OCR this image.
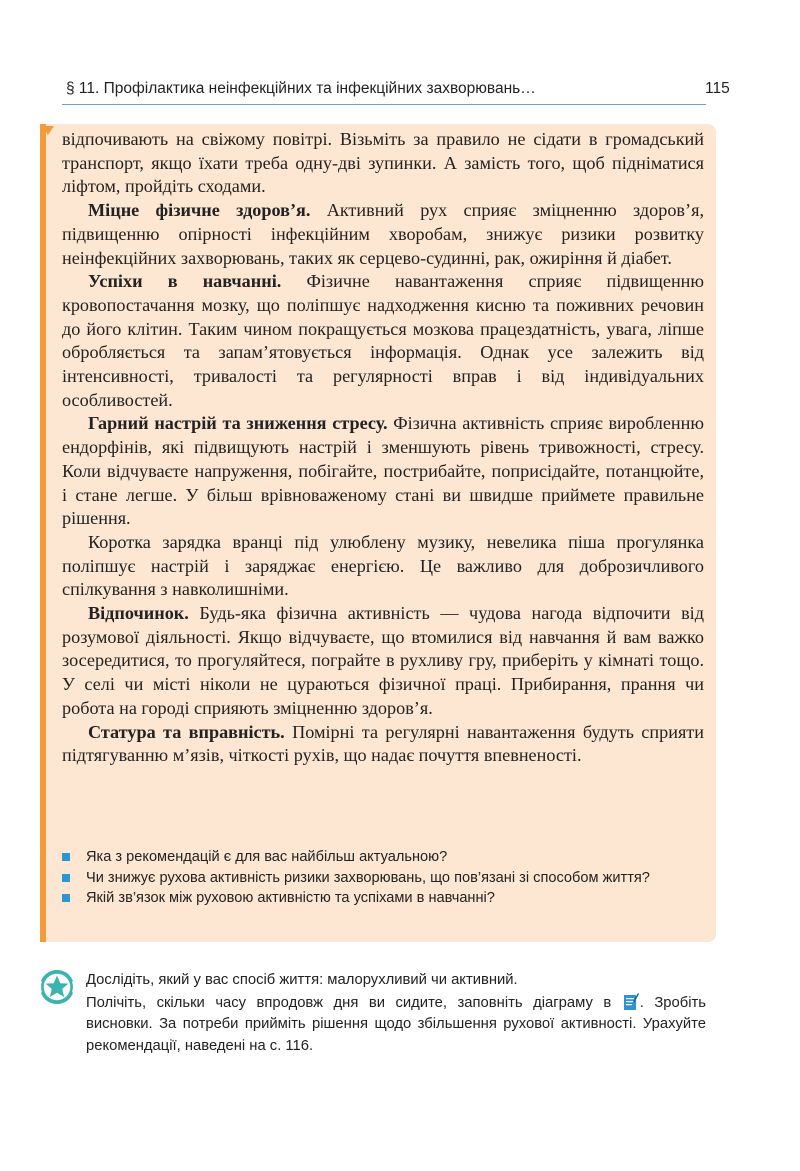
§ 11. Профілактика неінфекційних та інфекційних захворювань…	115

відпочивають на свіжому повітрі. Візьміть за правило не сідати в громадський транспорт, якщо їхати треба одну-дві зупинки. А замість того, щоб підніматися ліфтом, пройдіть сходами.

Міцне фізичне здоров’я. Активний рух сприяє зміцненню здоров’я, підвищенню опірності інфекційним хворобам, знижує ризики розвитку неінфекційних захворювань, таких як серцево-судинні, рак, ожиріння й діабет.

Успіхи в навчанні. Фізичне навантаження сприяє підвищенню кровопостачання мозку, що поліпшує надходження кисню та поживних речовин до його клітин. Таким чином покращується мозкова працездатність, увага, ліпше обробляється та запам’ятовується інформація. Однак усе залежить від інтенсивності, тривалості та регулярності вправ і від індивідуальних особливостей.

Гарний настрій та зниження стресу. Фізична активність сприяє виробленню ендорфінів, які підвищують настрій і зменшують рівень тривожності, стресу. Коли відчуваєте напруження, побігайте, пострибайте, поприсідайте, потанцюйте, і стане легше. У більш врівноваженому стані ви швидше приймете правильне рішення.

Коротка зарядка вранці під улюблену музику, невелика піша прогулянка поліпшує настрій і заряджає енергією. Це важливо для доброзичливого спілкування з навколишніми.

Відпочинок. Будь-яка фізична активність — чудова нагода відпочити від розумової діяльності. Якщо відчуваєте, що втомилися від навчання й вам важко зосередитися, то прогуляйтеся, пограйте в рухливу гру, приберіть у кімнаті тощо. У селі чи місті ніколи не цураються фізичної праці. Прибирання, прання чи робота на городі сприяють зміцненню здоров’я.

Статура та вправність. Помірні та регулярні навантаження будуть сприяти підтягуванню м’язів, чіткості рухів, що надає почуття впевненості.

Яка з рекомендацій є для вас найбільш актуальною?
Чи знижує рухова активність ризики захворювань, що пов’язані зі способом життя?
Якій зв’язок між руховою активністю та успіхами в навчанні?

Дослідіть, який у вас спосіб життя: малорухливий чи активний.

Полічіть, скільки часу впродовж дня ви сидите, заповніть діаграму в . Зробіть висновки. За потреби прийміть рішення щодо збільшення рухової активності. Урахуйте рекомендації, наведені на с. 116.
